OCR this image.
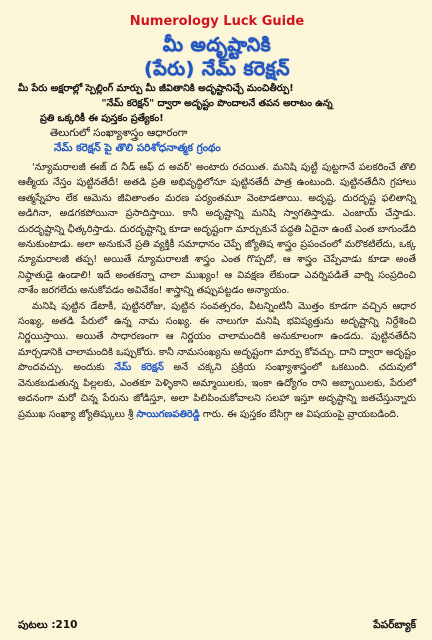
Numerology Luck Guide
మీ అదృష్టానికి
(పేరు) నేమ్ కరెక్షన్
మీ పేరు అక్షరాల్లో స్పెల్లింగ్ మార్పు మీ జీవితానికి అదృష్టానిచ్చే మంచితీర్పు!
"నేమ్ కరెక్షన్" ద్వారా అదృష్టం పొందాలనే తపన అరాటం ఉన్న
ప్రతి ఒక్కరికీ ఈ పుస్తకం ప్రత్యేకం!
తెలుగులో సంఖ్యాశాస్త్రం ఆధారంగా
నేమ్ కరెక్షన్ పై తొలి పరిశోధనాత్మక గ్రంథం
'న్యూమరాలజీ ఈజ్ ద నీడ్ ఆఫ్ ద అవర్' అంటారు రచయిత. మనిషి పుట్టీ పుట్టగానే పలకరించే తొలి ఆత్మీయ నేస్తం పుట్టినతేదీ! అతడి ప్రతి అభివృద్ధిలోనూ పుట్టినతేదీ పాత్ర ఉంటుంది. పుట్టినతేదీని గ్రహాలు ఆత్మస్నేహం లేక ఆమెను జీవితాంతం మరణ పర్యంతమూ వెంటాడతాయి. అదృష్ట, దురదృష్ట ఫలితాన్ని అడిగినా, అడగకపోయినా ప్రసాదిస్తాయి. కానీ అదృష్టాన్ని మనిషి స్వాగతిస్తాడు. ఎంజాయ్ చేస్తాడు. దురదృష్టాన్ని ఛీత్కరిస్తాడు. దురదృష్టాన్ని కూడా అదృష్టంగా మార్చుకునే పద్ధతి ఏదైనా ఉంటే ఎంత బాగుండేది అనుకుంటాడు. అలా అనుకునే ప్రతి వ్యక్తికీ సమాధానం చెప్పే జ్యోతిష శాస్త్రం ప్రపంచంలో మరొకటిలేదు, ఒక్క న్యూమరాలజీ తప్ప! అయితే న్యూమరాలజీ శాస్త్రం ఎంత గొప్పదో, ఆ శాస్త్రం చెప్పేవాడు కూడా అంతే నిష్ఠాతుడై ఉండాలి! ఇదే అంతకన్నా చాలా ముఖ్యం! ఆ వివక్షణ లేకుండా ఎవర్నిపడితే వార్ని సంప్రదించి నాశేం జరగలేదు అనుకోవడం అవివేకం! శాస్త్రాన్ని తప్పుపట్టడం అన్యాయం.
మనిషి పుట్టిన డేటాకీ, పుట్టినరోజు, పుట్టిన సంవత్సరం, వీటన్నింటినీ మొత్తం కూడగా వచ్చిన ఆధార సంఖ్య, అతడి పేరులో ఉన్న నామ సంఖ్య. ఈ నాలుగూ మనిషి భవిష్యత్తును అదృష్టాన్ని నిర్దేశించి నిర్ణయిస్తాయి. అయితే సాధారణంగా ఆ నిర్ణయం చాలామందికి అనుకూలంగా ఉండదు. పుట్టినతేదీని మార్చడానికి చాలామందికి ఒప్పుకోరు. కానీ నామసంఖ్యను అదృష్టంగా మార్పు కోవచ్చు. దాని ద్వారా అదృష్టం పొందవచ్చు. అందుకు నేమ్ కరెక్షన్ అనే చక్కని ప్రక్రియ సంఖ్యాశాస్త్రంలో ఒకటుంది. చదువులో వెనుకబడుతున్న పిల్లలకు, ఎంతకూ పెళ్ళికాని అమ్మాయిలకు, ఇంకా ఉద్యోగం రాని అబ్బాయిలకు, పేరులో అదనంగా మరో చిన్న పేరును జోడిస్తూ, అలా పిలిపించుకోవాలని సలహా ఇస్తూ అదృష్టాన్ని జతచేస్తున్నారు ప్రముఖ సంఖ్యా జ్యోతిష్కులు శ్రీ సాయిగణపతిరెడ్డి గారు. ఈ పుస్తకం బేసిగ్గా ఆ విషయంపై వ్రాయబడింది.
పుటలు :210	పేపర్‌బ్యాక్
